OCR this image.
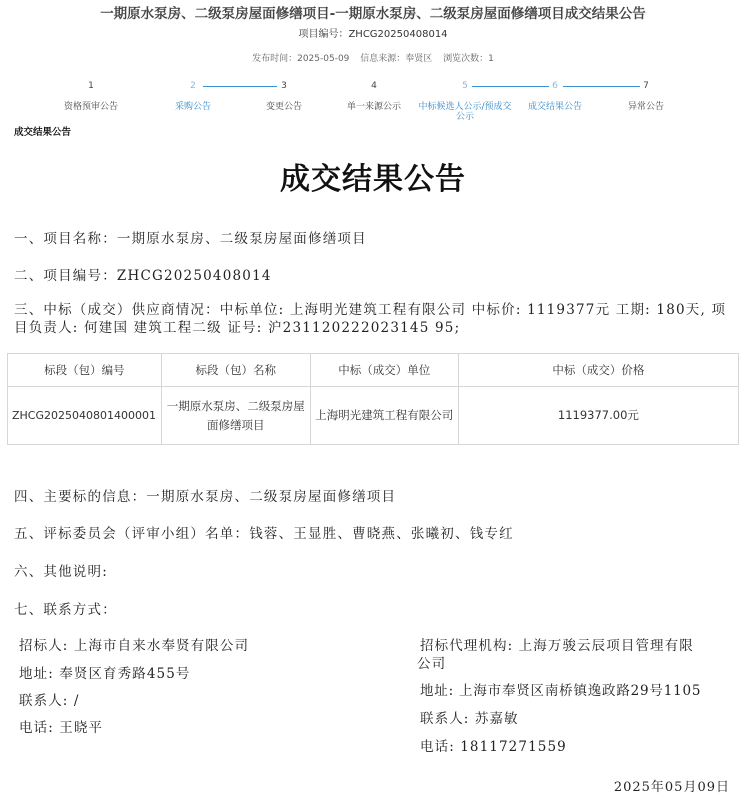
一期原水泵房、二级泵房屋面修缮项目-一期原水泵房、二级泵房屋面修缮项目成交结果公告
项目编号：ZHCG20250408014
发布时间：2025-05-09 信息来源：奉贤区 浏览次数：1
1
资格预审公告
2
采购公告
3
变更公告
4
单一来源公示
5
中标候选人公示/预成交公示
6
成交结果公告
7
异常公告
成交结果公告
成交结果公告
一、项目名称：一期原水泵房、二级泵房屋面修缮项目
二、项目编号：ZHCG20250408014
三、中标（成交）供应商情况：中标单位: 上海明光建筑工程有限公司 中标价: 1119377元 工期: 180天, 项目负责人: 何建国 建筑工程二级 证号: 沪231120222023145 95;
标段（包）编号	标段（包）名称	中标（成交）单位	中标（成交）价格
ZHCG2025040801400001	一期原水泵房、二级泵房屋面修缮项目	上海明光建筑工程有限公司	1119377.00元
四、主要标的信息：一期原水泵房、二级泵房屋面修缮项目
五、评标委员会（评审小组）名单：钱蓉、王显胜、曹晓燕、张曦初、钱专红
六、其他说明:
七、联系方式：
招标人: 上海市自来水奉贤有限公司
地址: 奉贤区育秀路455号
联系人: /
电话: 王晓平
招标代理机构: 上海万骏云辰项目管理有限
公司
地址: 上海市奉贤区南桥镇逸政路29号1105
联系人: 苏嘉敏
电话: 18117271559
2025年05月09日
